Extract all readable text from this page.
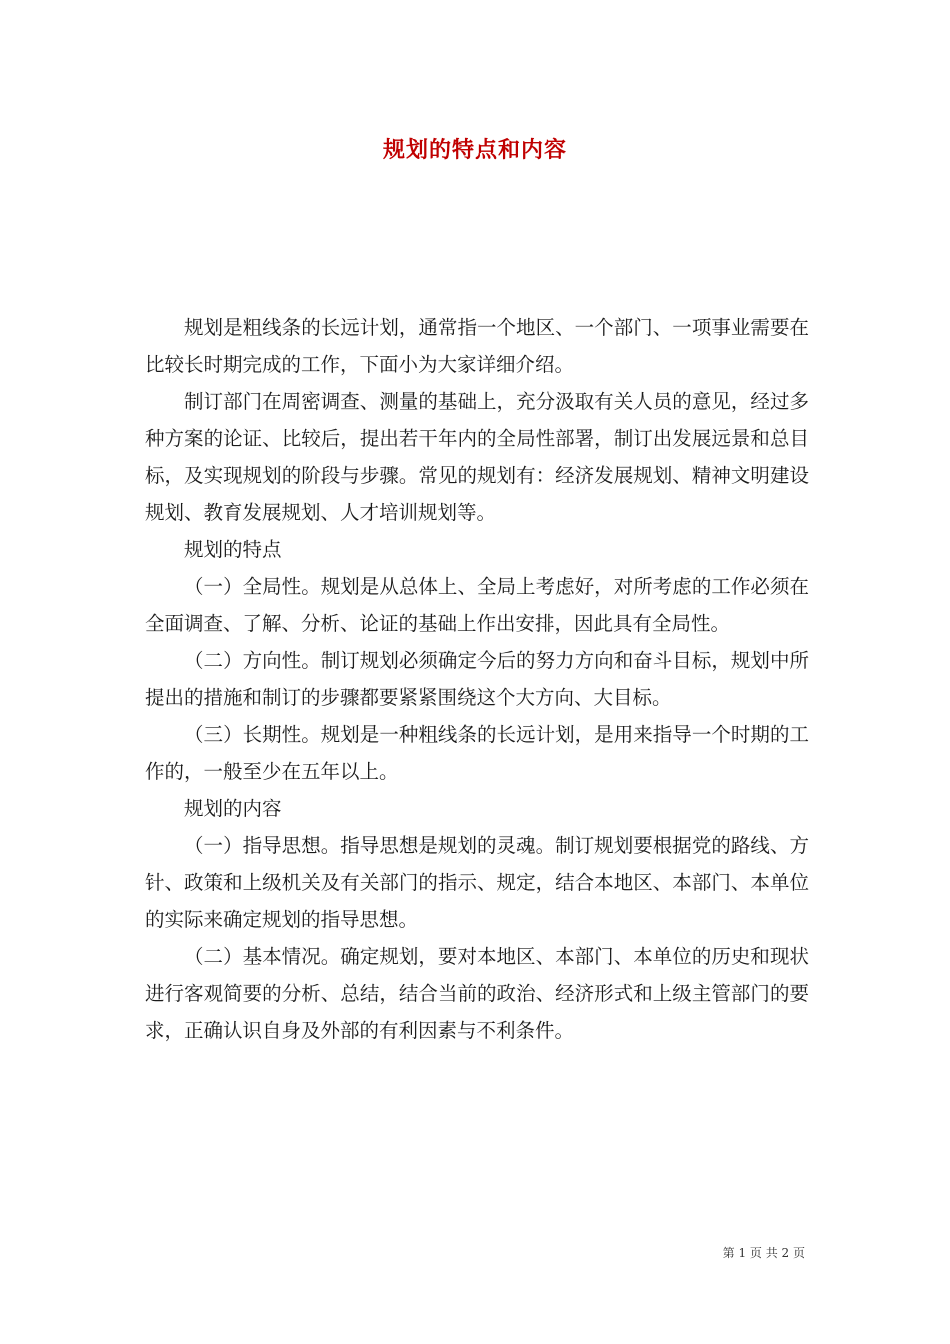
规划的特点和内容

规划是粗线条的长远计划，通常指一个地区、一个部门、一项事业需要在比较长时期完成的工作，下面小为大家详细介绍。

制订部门在周密调查、测量的基础上，充分汲取有关人员的意见，经过多种方案的论证、比较后，提出若干年内的全局性部署，制订出发展远景和总目标，及实现规划的阶段与步骤。常见的规划有：经济发展规划、精神文明建设规划、教育发展规划、人才培训规划等。

规划的特点

（一）全局性。规划是从总体上、全局上考虑好，对所考虑的工作必须在全面调查、了解、分析、论证的基础上作出安排，因此具有全局性。

（二）方向性。制订规划必须确定今后的努力方向和奋斗目标，规划中所提出的措施和制订的步骤都要紧紧围绕这个大方向、大目标。

（三）长期性。规划是一种粗线条的长远计划，是用来指导一个时期的工作的，一般至少在五年以上。

规划的内容

（一）指导思想。指导思想是规划的灵魂。制订规划要根据党的路线、方针、政策和上级机关及有关部门的指示、规定，结合本地区、本部门、本单位的实际来确定规划的指导思想。

（二）基本情况。确定规划，要对本地区、本部门、本单位的历史和现状进行客观简要的分析、总结，结合当前的政治、经济形式和上级主管部门的要求，正确认识自身及外部的有利因素与不利条件。

第 1 页 共 2 页
